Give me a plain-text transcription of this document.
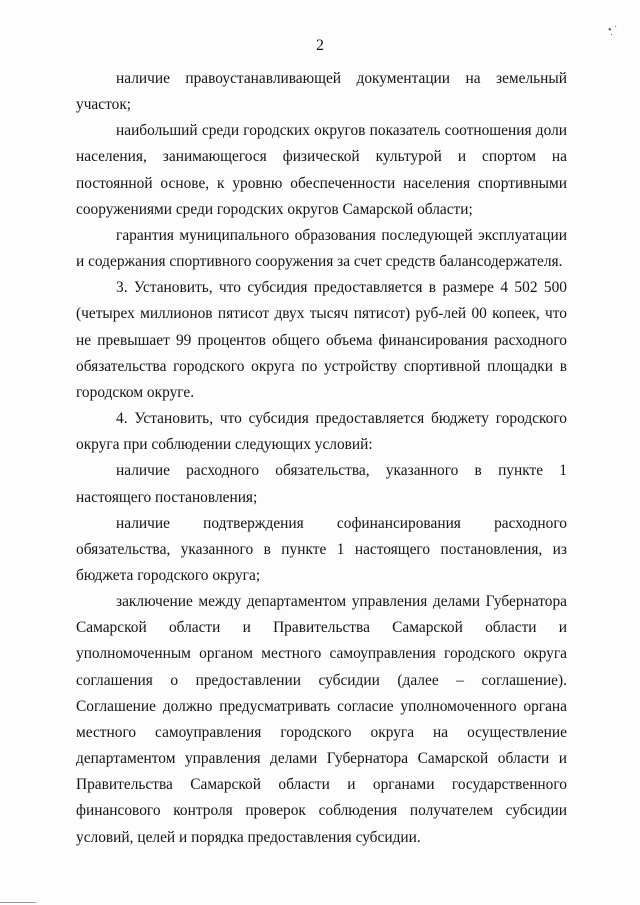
•̣ ˙
2

наличие правоустанавливающей документации на земельный участок;

наибольший среди городских округов показатель соотношения доли населения, занимающегося физической культурой и спортом на постоянной основе, к уровню обеспеченности населения спортивными сооружениями среди городских округов Самарской области;

гарантия муниципального образования последующей эксплуатации и содержания спортивного сооружения за счет средств балансодержателя.

3. Установить, что субсидия предоставляется в размере 4 502 500 (четырех миллионов пятисот двух тысяч пятисот) руб-лей 00 копеек, что не превышает 99 процентов общего объема финансирования расходного обязательства городского округа по устройству спортивной площадки в городском округе.

4. Установить, что субсидия предоставляется бюджету городского округа при соблюдении следующих условий:

наличие расходного обязательства, указанного в пункте 1 настоящего постановления;

наличие подтверждения софинансирования расходного обязательства, указанного в пункте 1 настоящего постановления, из бюджета городского округа;

заключение между департаментом управления делами Губернатора Самарской области и Правительства Самарской области и уполномоченным органом местного самоуправления городского округа соглашения о предоставлении субсидии (далее – соглашение). Соглашение должно предусматривать согласие уполномоченного органа местного самоуправления городского округа на осуществление департаментом управления делами Губернатора Самарской области и Правительства Самарской области и органами государственного финансового контроля проверок соблюдения получателем субсидии условий, целей и порядка предоставления субсидии.
